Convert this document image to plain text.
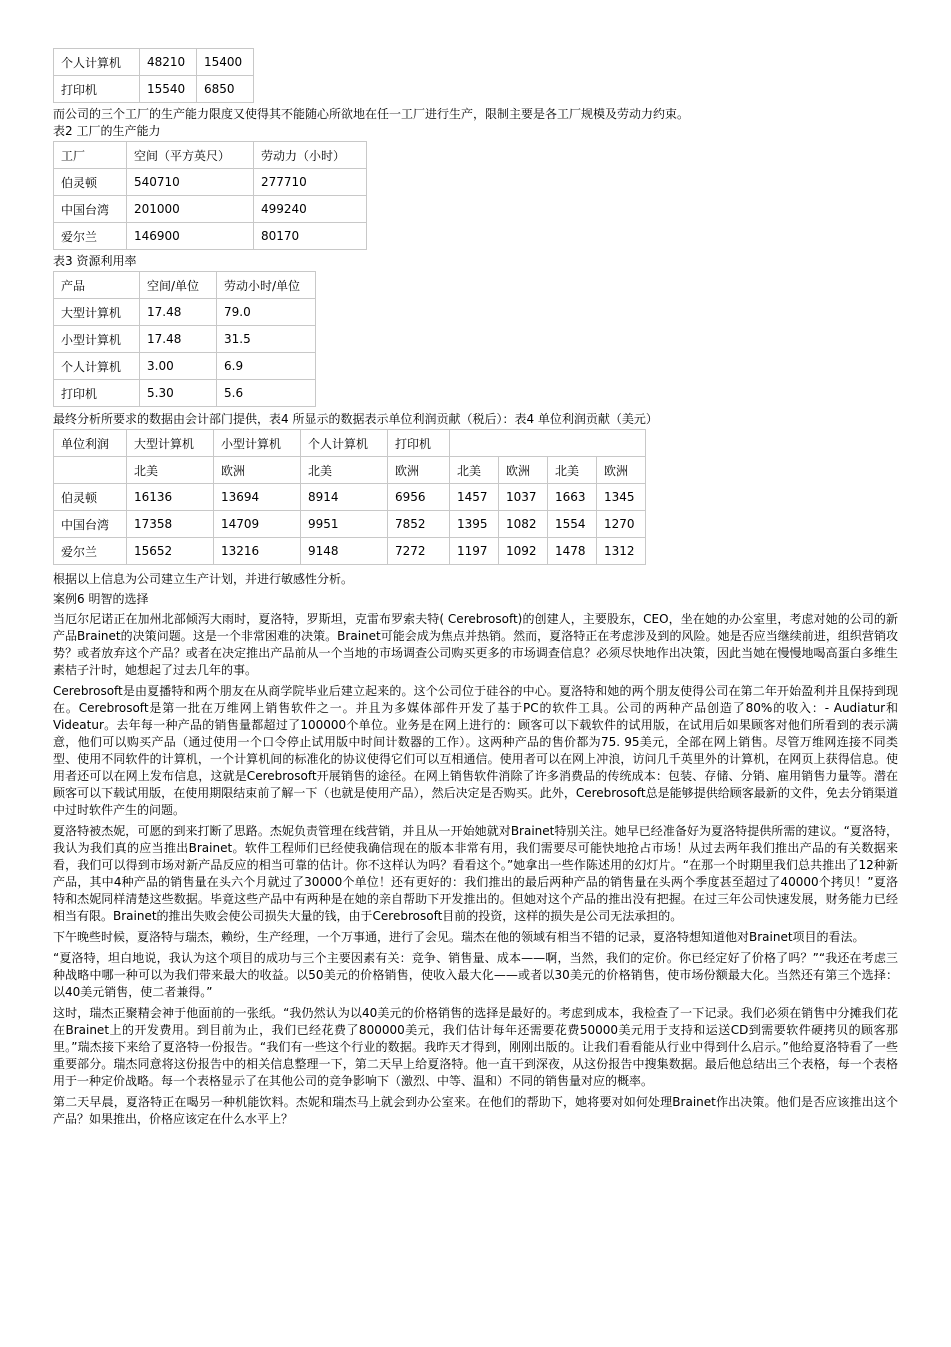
个人计算机	48210	15400
打印机	15540	6850

而公司的三个工厂的生产能力限度又使得其不能随心所欲地在任一工厂进行生产，限制主要是各工厂规模及劳动力约束。

表2 工厂的生产能力

工厂	空间（平方英尺）	劳动力（小时）
伯灵顿	540710	277710
中国台湾	201000	499240
爱尔兰	146900	80170

表3 资源利用率

产品	空间/单位	劳动小时/单位
大型计算机	17.48	79.0
小型计算机	17.48	31.5
个人计算机	3.00	6.9
打印机	5.30	5.6

最终分析所要求的数据由会计部门提供，表4 所显示的数据表示单位利润贡献（税后）：表4 单位利润贡献（美元）

单位利润	大型计算机	小型计算机	个人计算机	打印机				
	北美	欧洲	北美	欧洲	北美	欧洲	北美	欧洲
伯灵顿	16136	13694	8914	6956	1457	1037	1663	1345
中国台湾	17358	14709	9951	7852	1395	1082	1554	1270
爱尔兰	15652	13216	9148	7272	1197	1092	1478	1312

根据以上信息为公司建立生产计划，并进行敏感性分析。

案例6 明智的选择

当厄尔尼诺正在加州北部倾泻大雨时，夏洛特，罗斯坦，克雷布罗索夫特( Cerebrosoft)的创建人，主要股东，CEO，坐在她的办公室里，考虑对她的公司的新产品Brainet的决策问题。这是一个非常困难的决策。Brainet可能会成为焦点并热销。然而，夏洛特正在考虑涉及到的风险。她是否应当继续前进，组织营销攻势？或者放弃这个产品？或者在决定推出产品前从一个当地的市场调查公司购买更多的市场调查信息？必须尽快地作出决策，因此当她在慢慢地喝高蛋白多维生素桔子汁时，她想起了过去几年的事。

Cerebrosoft是由夏播特和两个朋友在从商学院毕业后建立起来的。这个公司位于硅谷的中心。夏洛特和她的两个朋友使得公司在第二年开始盈利并且保持到现在。Cerebrosoft是第一批在万维网上销售软件之一。并且为多媒体部件开发了基于PC的软件工具。公司的两种产品创造了80%的收入：- Audiatur和Videatur。去年每一种产品的销售量都超过了100000个单位。业务是在网上进行的：顾客可以下载软件的试用版，在试用后如果顾客对他们所看到的表示满意，他们可以购买产品（通过使用一个口令停止试用版中时间计数器的工作）。这两种产品的售价都为75. 95美元，全部在网上销售。尽管万维网连接不同类型、使用不同软件的计算机，一个计算机间的标准化的协议使得它们可以互相通信。使用者可以在网上冲浪，访问几千英里外的计算机，在网页上获得信息。使用者还可以在网上发布信息，这就是Cerebrosoft开展销售的途径。在网上销售软件消除了许多消费品的传统成本：包装、存储、分销、雇用销售力量等。潜在顾客可以下载试用版，在使用期限结束前了解一下（也就是使用产品），然后决定是否购买。此外，Cerebrosoft总是能够提供给顾客最新的文件，免去分销渠道中过时软件产生的问题。

夏洛特被杰妮，可愿的到来打断了思路。杰妮负责管理在线营销，并且从一开始她就对Brainet特别关注。她早已经准备好为夏洛特提供所需的建议。“夏洛特，我认为我们真的应当推出Brainet。软件工程师们已经使我确信现在的版本非常有用，我们需要尽可能快地抢占市场！从过去两年我们推出产品的有关数据来看，我们可以得到市场对新产品反应的相当可靠的估计。你不这样认为吗？看看这个。”她拿出一些作陈述用的幻灯片。“在那一个时期里我们总共推出了12种新产品，其中4种产品的销售量在头六个月就过了30000个单位！还有更好的：我们推出的最后两种产品的销售量在头两个季度甚至超过了40000个拷贝！”夏洛特和杰妮同样清楚这些数据。毕竟这些产品中有两种是在她的亲自帮助下开发推出的。但她对这个产品的推出没有把握。在过三年公司快速发展，财务能力已经相当有限。Brainet的推出失败会使公司损失大量的钱，由于Cerebrosoft目前的投资，这样的损失是公司无法承担的。

下午晚些时候，夏洛特与瑞杰，赖纷，生产经理，一个万事通，进行了会见。瑞杰在他的领域有相当不错的记录，夏洛特想知道他对Brainet项目的看法。

“夏洛特，坦白地说，我认为这个项目的成功与三个主要因素有关：竞争、销售量、成本——啊，当然，我们的定价。你已经定好了价格了吗？”“我还在考虑三种战略中哪一种可以为我们带来最大的收益。以50美元的价格销售，使收入最大化——或者以30美元的价格销售，使市场份额最大化。当然还有第三个选择：以40美元销售，使二者兼得。”

这时，瑞杰正聚精会神于他面前的一张纸。“我仍然认为以40美元的价格销售的选择是最好的。考虑到成本，我检查了一下记录。我们必须在销售中分摊我们花在Brainet上的开发费用。到目前为止，我们已经花费了800000美元，我们估计每年还需要花费50000美元用于支持和运送CD到需要软件硬拷贝的顾客那里。”瑞杰接下来给了夏洛特一份报告。“我们有一些这个行业的数据。我昨天才得到，刚刚出版的。让我们看看能从行业中得到什么启示。”他给夏洛特看了一些重要部分。瑞杰同意将这份报告中的相关信息整理一下，第二天早上给夏洛特。他一直干到深夜，从这份报告中搜集数据。最后他总结出三个表格，每一个表格用于一种定价战略。每一个表格显示了在其他公司的竞争影响下（激烈、中等、温和）不同的销售量对应的概率。

第二天早晨，夏洛特正在喝另一种机能饮料。杰妮和瑞杰马上就会到办公室来。在他们的帮助下，她将要对如何处理Brainet作出决策。他们是否应该推出这个产品？如果推出，价格应该定在什么水平上？
